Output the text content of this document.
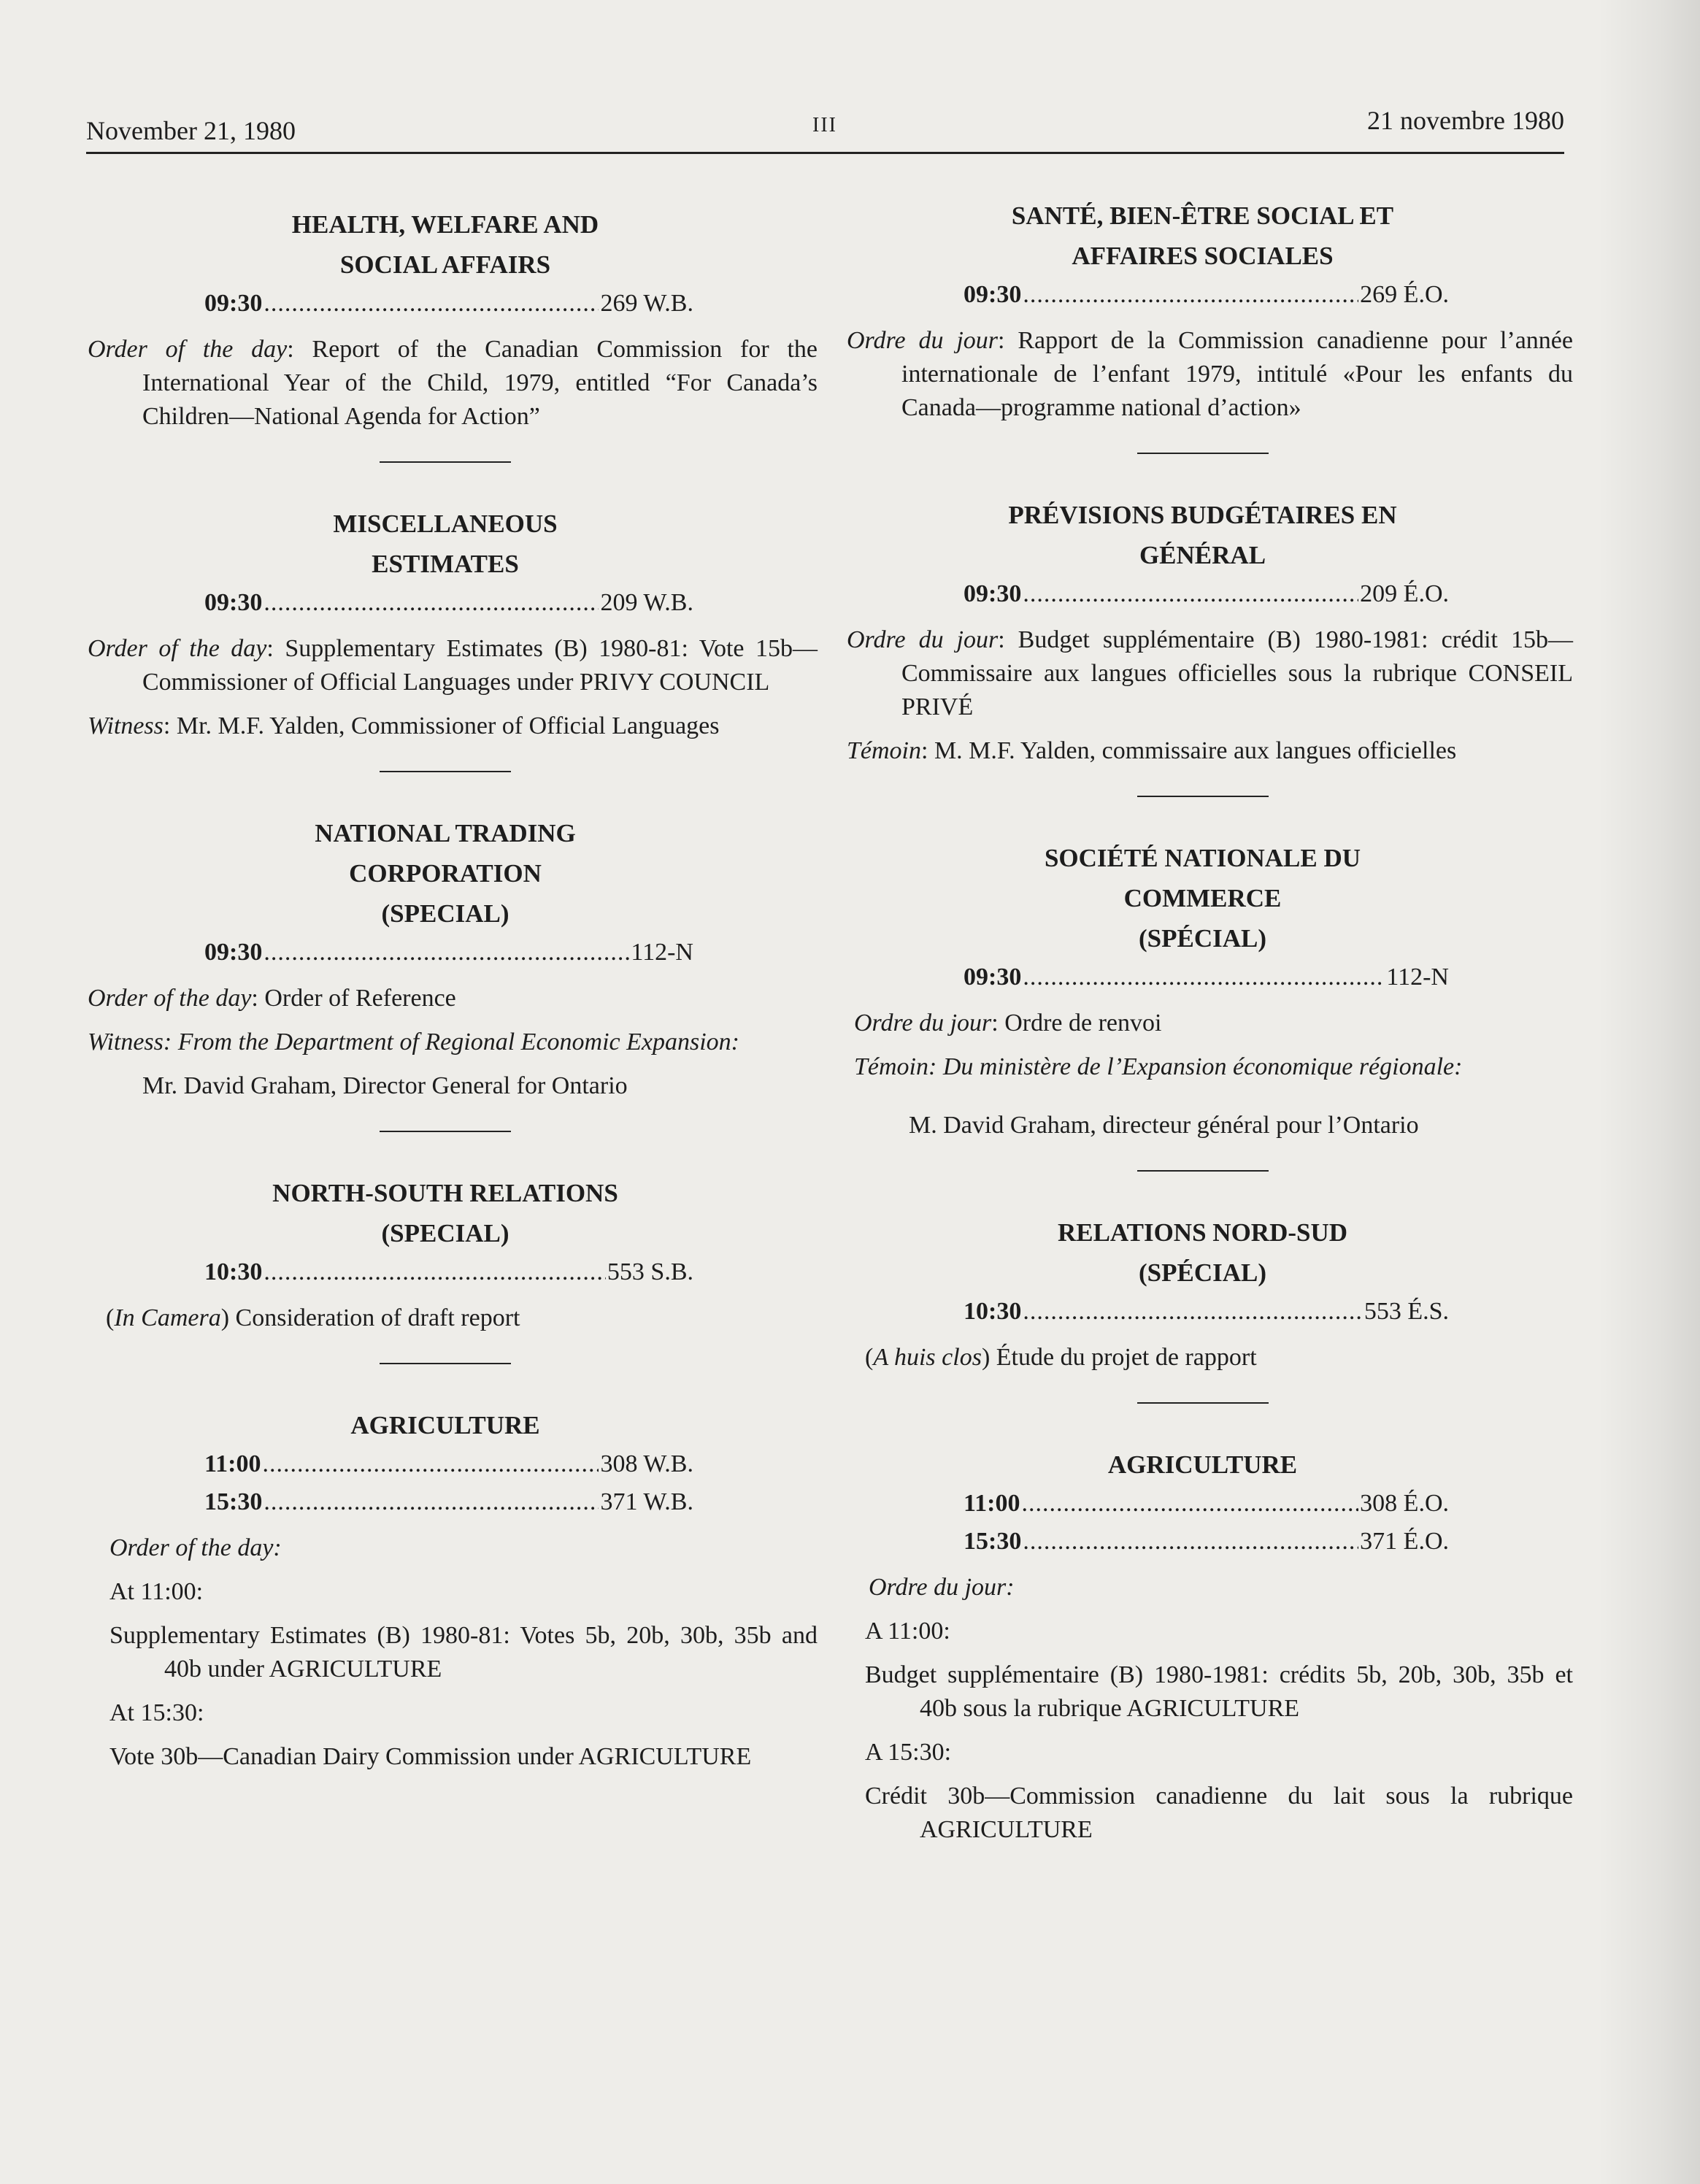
November 21, 1980	III	21 novembre 1980
HEALTH, WELFARE AND
SOCIAL AFFAIRS
09:30 .....	269 W.B.
Order of the day: Report of the Canadian Commission for the International Year of the Child, 1979, entitled “For Canada’s Children—National Agenda for Action”
MISCELLANEOUS
ESTIMATES
09:30 .....	209 W.B.
Order of the day: Supplementary Estimates (B) 1980-81: Vote 15b—Commissioner of Official Languages under PRIVY COUNCIL
Witness: Mr. M.F. Yalden, Commissioner of Official Languages
NATIONAL TRADING
CORPORATION
(SPECIAL)
09:30 .....	112-N
Order of the day: Order of Reference
Witness: From the Department of Regional Economic Expansion:
Mr. David Graham, Director General for Ontario
NORTH-SOUTH RELATIONS
(SPECIAL)
10:30 .....	553 S.B.
(In Camera) Consideration of draft report
AGRICULTURE
11:00 .....	308 W.B.
15:30 .....	371 W.B.
Order of the day:
At 11:00:
Supplementary Estimates (B) 1980-81: Votes 5b, 20b, 30b, 35b and 40b under AGRICULTURE
At 15:30:
Vote 30b—Canadian Dairy Commission under AGRICULTURE
SANTÉ, BIEN-ÊTRE SOCIAL ET
AFFAIRES SOCIALES
09:30 .....	269 É.O.
Ordre du jour: Rapport de la Commission canadienne pour l’année internationale de l’enfant 1979, intitulé «Pour les enfants du Canada—programme national d’action»
PRÉVISIONS BUDGÉTAIRES EN
GÉNÉRAL
09:30 .....	209 É.O.
Ordre du jour: Budget supplémentaire (B) 1980-1981: crédit 15b—Commissaire aux langues officielles sous la rubrique CONSEIL PRIVÉ
Témoin: M. M.F. Yalden, commissaire aux langues officielles
SOCIÉTÉ NATIONALE DU
COMMERCE
(SPÉCIAL)
09:30 .....	112-N
Ordre du jour: Ordre de renvoi
Témoin: Du ministère de l’Expansion économique régionale:
M. David Graham, directeur général pour l’Ontario
RELATIONS NORD-SUD
(SPÉCIAL)
10:30 .....	553 É.S.
(A huis clos) Étude du projet de rapport
AGRICULTURE
11:00 .....	308 É.O.
15:30 .....	371 É.O.
Ordre du jour:
A 11:00:
Budget supplémentaire (B) 1980-1981: crédits 5b, 20b, 30b, 35b et 40b sous la rubrique AGRICULTURE
A 15:30:
Crédit 30b—Commission canadienne du lait sous la rubrique AGRICULTURE
